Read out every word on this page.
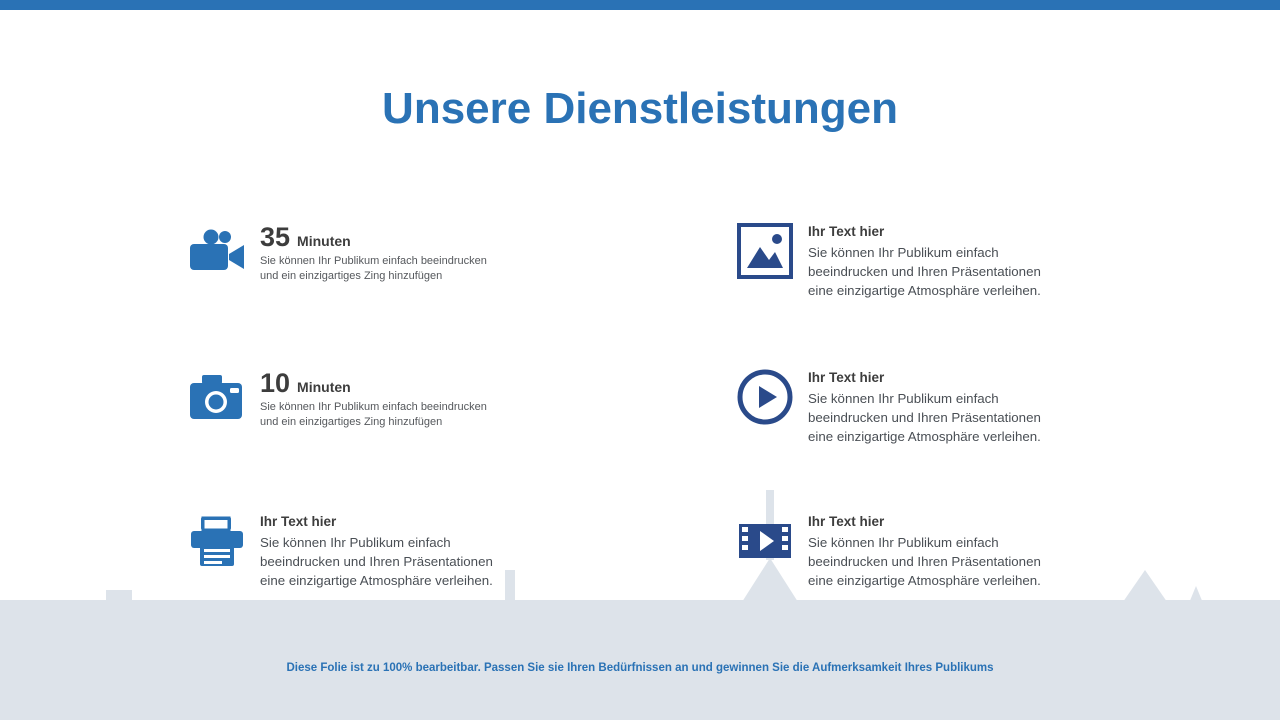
Unsere Dienstleistungen
35 Minuten
Sie können Ihr Publikum einfach beeindrucken und ein einzigartiges Zing hinzufügen
10 Minuten
Sie können Ihr Publikum einfach beeindrucken und ein einzigartiges Zing hinzufügen
Ihr Text hier
Sie können Ihr Publikum einfach beeindrucken und Ihren Präsentationen eine einzigartige Atmosphäre verleihen.
Ihr Text hier
Sie können Ihr Publikum einfach beeindrucken und Ihren Präsentationen eine einzigartige Atmosphäre verleihen.
Ihr Text hier
Sie können Ihr Publikum einfach beeindrucken und Ihren Präsentationen eine einzigartige Atmosphäre verleihen.
Ihr Text hier
Sie können Ihr Publikum einfach beeindrucken und Ihren Präsentationen eine einzigartige Atmosphäre verleihen.
Diese Folie ist zu 100% bearbeitbar. Passen Sie sie Ihren Bedürfnissen an und gewinnen Sie die Aufmerksamkeit Ihres Publikums
